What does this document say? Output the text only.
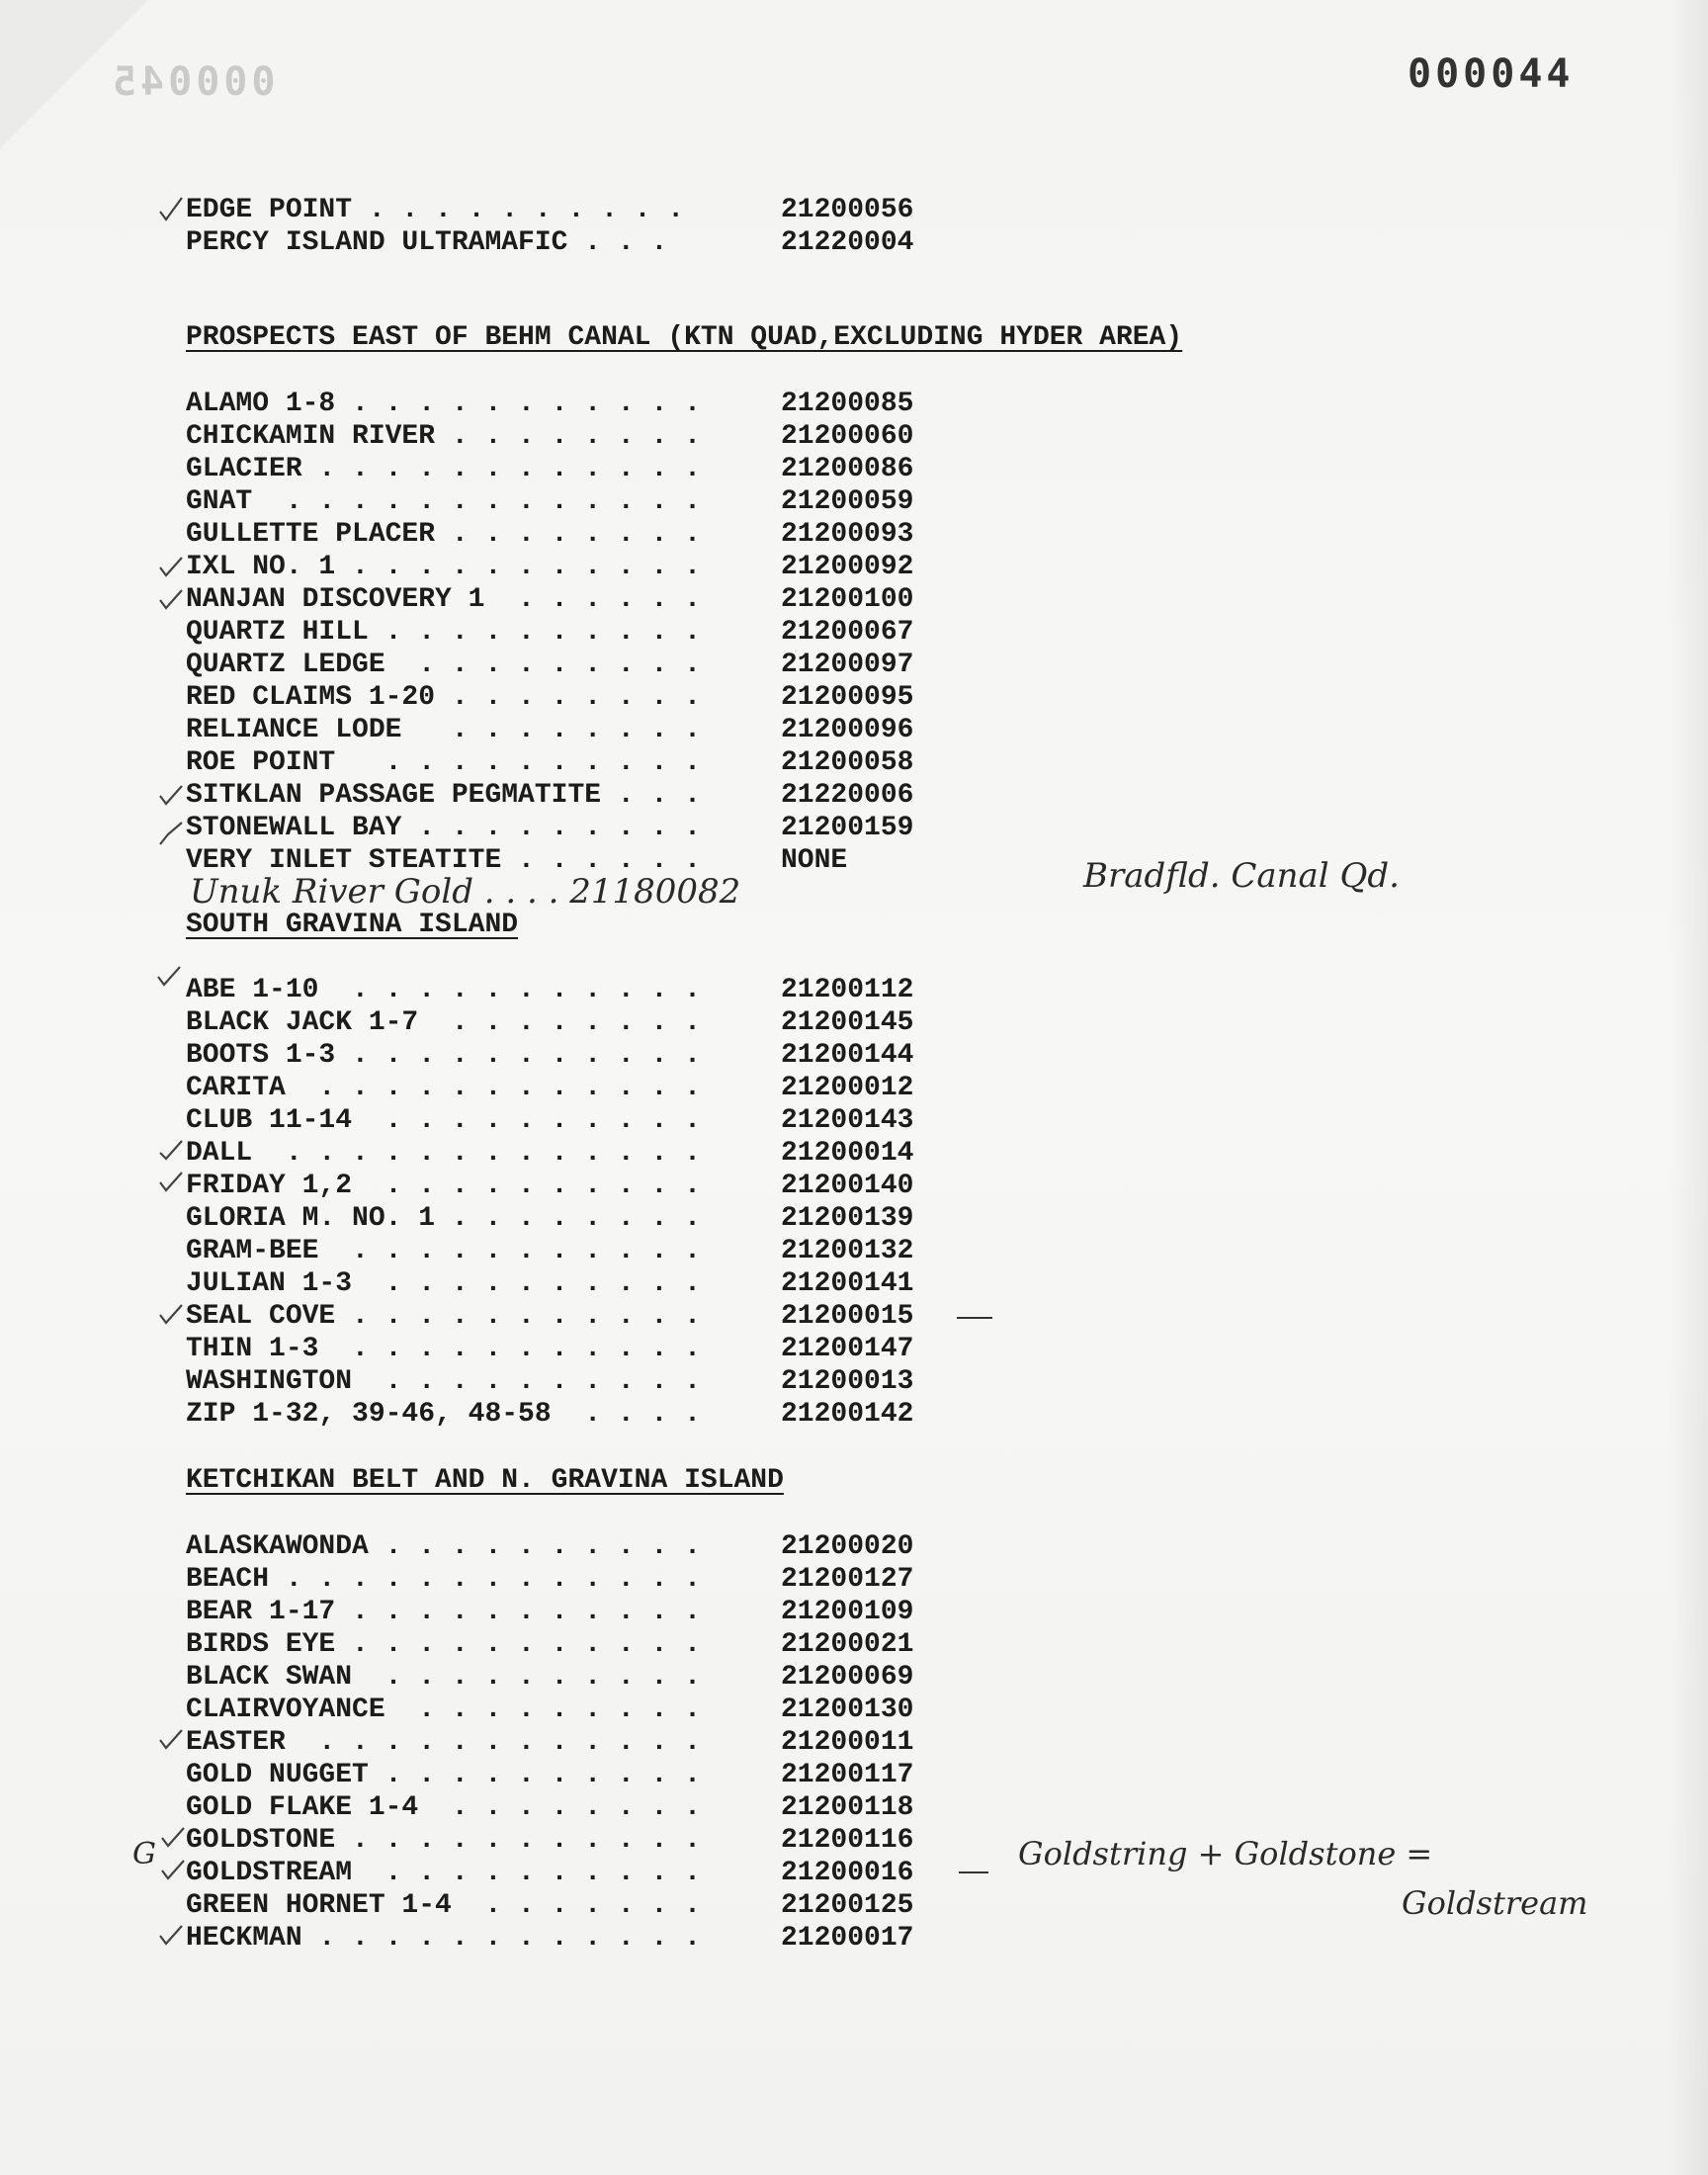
000045	000044
EDGE POINT . . . . . . . . . .	21200056
PERCY ISLAND ULTRAMAFIC . . .	21220004
PROSPECTS EAST OF BEHM CANAL (KTN QUAD,EXCLUDING HYDER AREA)
ALAMO 1-8 . . . . . . . . . . .	21200085
CHICKAMIN RIVER . . . . . . . .	21200060
GLACIER . . . . . . . . . . . .	21200086
GNAT  . . . . . . . . . . . . .	21200059
GULLETTE PLACER . . . . . . . .	21200093
IXL NO. 1 . . . . . . . . . . .	21200092
NANJAN DISCOVERY 1  . . . . . .	21200100
QUARTZ HILL . . . . . . . . . .	21200067
QUARTZ LEDGE  . . . . . . . . .	21200097
RED CLAIMS 1-20 . . . . . . . .	21200095
RELIANCE LODE   . . . . . . . .	21200096
ROE POINT   . . . . . . . . . .	21200058
SITKLAN PASSAGE PEGMATITE . . .	21220006
STONEWALL BAY . . . . . . . . .	21200159
VERY INLET STEATITE . . . . . .	NONE
Unuk River Gold . . . . 21180082	Bradfld. Canal Qd.
SOUTH GRAVINA ISLAND
ABE 1-10  . . . . . . . . . . .	21200112
BLACK JACK 1-7  . . . . . . . .	21200145
BOOTS 1-3 . . . . . . . . . . .	21200144
CARITA  . . . . . . . . . . . .	21200012
CLUB 11-14  . . . . . . . . . .	21200143
DALL  . . . . . . . . . . . . .	21200014
FRIDAY 1,2  . . . . . . . . . .	21200140
GLORIA M. NO. 1 . . . . . . . .	21200139
GRAM-BEE  . . . . . . . . . . .	21200132
JULIAN 1-3  . . . . . . . . . .	21200141
SEAL COVE . . . . . . . . . . .	21200015
THIN 1-3  . . . . . . . . . . .	21200147
WASHINGTON  . . . . . . . . . .	21200013
ZIP 1-32, 39-46, 48-58  . . . .	21200142
KETCHIKAN BELT AND N. GRAVINA ISLAND
ALASKAWONDA . . . . . . . . . .	21200020
BEACH . . . . . . . . . . . . .	21200127
BEAR 1-17 . . . . . . . . . . .	21200109
BIRDS EYE . . . . . . . . . . .	21200021
BLACK SWAN  . . . . . . . . . .	21200069
CLAIRVOYANCE  . . . . . . . . .	21200130
EASTER  . . . . . . . . . . . .	21200011
GOLD NUGGET . . . . . . . . . .	21200117
GOLD FLAKE 1-4  . . . . . . . .	21200118
GOLDSTONE . . . . . . . . . . .	21200116
GOLDSTREAM  . . . . . . . . . .	21200016
GREEN HORNET 1-4  . . . . . . .	21200125
HECKMAN . . . . . . . . . . . .	21200017
Goldstring + Goldstone =
Goldstream
G
